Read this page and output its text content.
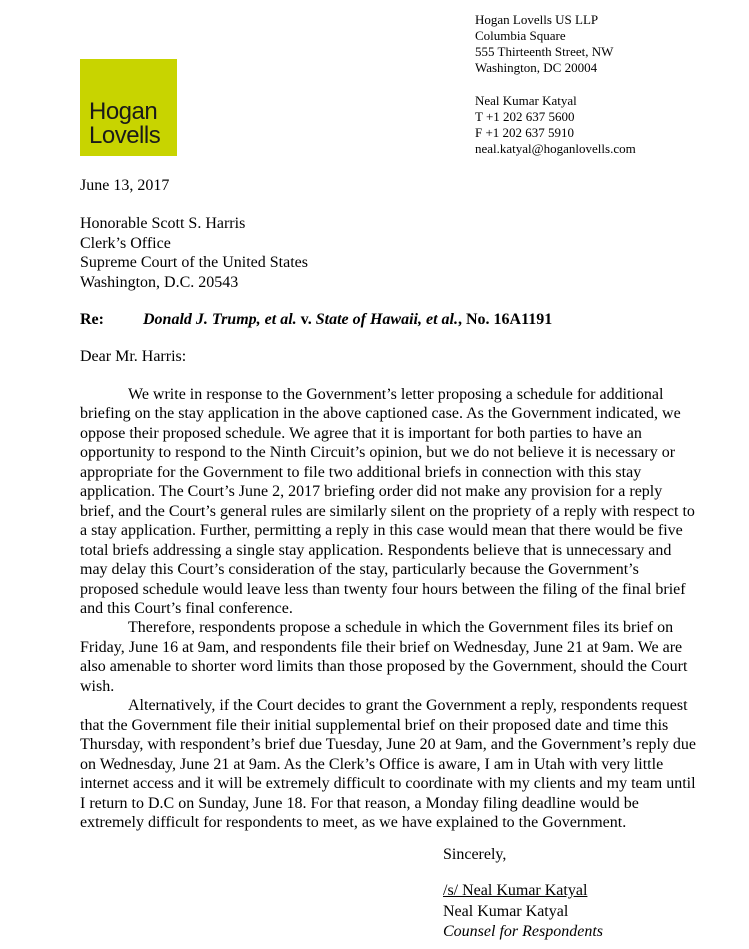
Hogan
Lovells
Hogan Lovells US LLP
Columbia Square
555 Thirteenth Street, NW
Washington, DC 20004
Neal Kumar Katyal
T +1 202 637 5600
F +1 202 637 5910
neal.katyal@hoganlovells.com
June 13, 2017
Honorable Scott S. Harris
Clerk’s Office
Supreme Court of the United States
Washington, D.C. 20543
Re: Donald J. Trump, et al. v. State of Hawaii, et al., No. 16A1191
Dear Mr. Harris:
We write in response to the Government’s letter proposing a schedule for additional
briefing on the stay application in the above captioned case. As the Government indicated, we
oppose their proposed schedule. We agree that it is important for both parties to have an
opportunity to respond to the Ninth Circuit’s opinion, but we do not believe it is necessary or
appropriate for the Government to file two additional briefs in connection with this stay
application. The Court’s June 2, 2017 briefing order did not make any provision for a reply
brief, and the Court’s general rules are similarly silent on the propriety of a reply with respect to
a stay application. Further, permitting a reply in this case would mean that there would be five
total briefs addressing a single stay application. Respondents believe that is unnecessary and
may delay this Court’s consideration of the stay, particularly because the Government’s
proposed schedule would leave less than twenty four hours between the filing of the final brief
and this Court’s final conference.
Therefore, respondents propose a schedule in which the Government files its brief on
Friday, June 16 at 9am, and respondents file their brief on Wednesday, June 21 at 9am. We are
also amenable to shorter word limits than those proposed by the Government, should the Court
wish.
Alternatively, if the Court decides to grant the Government a reply, respondents request
that the Government file their initial supplemental brief on their proposed date and time this
Thursday, with respondent’s brief due Tuesday, June 20 at 9am, and the Government’s reply due
on Wednesday, June 21 at 9am. As the Clerk’s Office is aware, I am in Utah with very little
internet access and it will be extremely difficult to coordinate with my clients and my team until
I return to D.C on Sunday, June 18. For that reason, a Monday filing deadline would be
extremely difficult for respondents to meet, as we have explained to the Government.
Sincerely,
/s/ Neal Kumar Katyal
Neal Kumar Katyal
Counsel for Respondents
